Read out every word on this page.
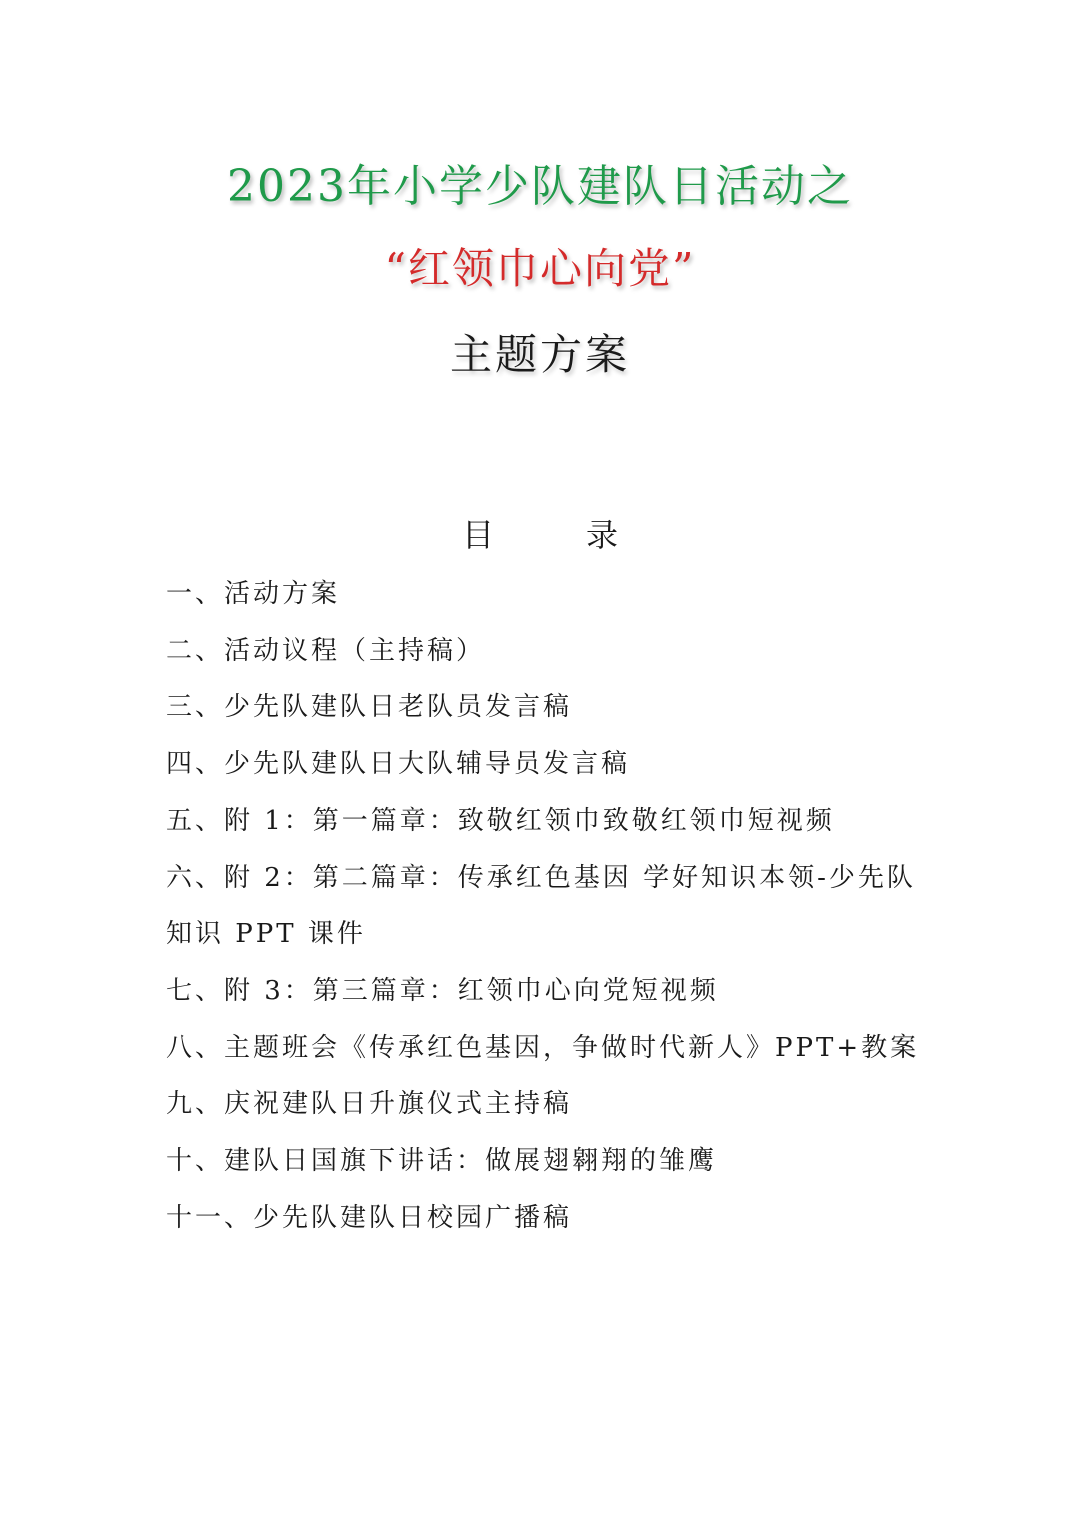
2023年小学少队建队日活动之
“红领巾心向党”
主题方案
目	录
一、活动方案
二、活动议程（主持稿）
三、少先队建队日老队员发言稿
四、少先队建队日大队辅导员发言稿
五、附 1：第一篇章：致敬红领巾致敬红领巾短视频
六、附 2：第二篇章：传承红色基因 学好知识本领-少先队
知识 PPT 课件
七、附 3：第三篇章：红领巾心向党短视频
八、主题班会《传承红色基因，争做时代新人》PPT+教案
九、庆祝建队日升旗仪式主持稿
十、建队日国旗下讲话：做展翅翱翔的雏鹰
十一、少先队建队日校园广播稿
